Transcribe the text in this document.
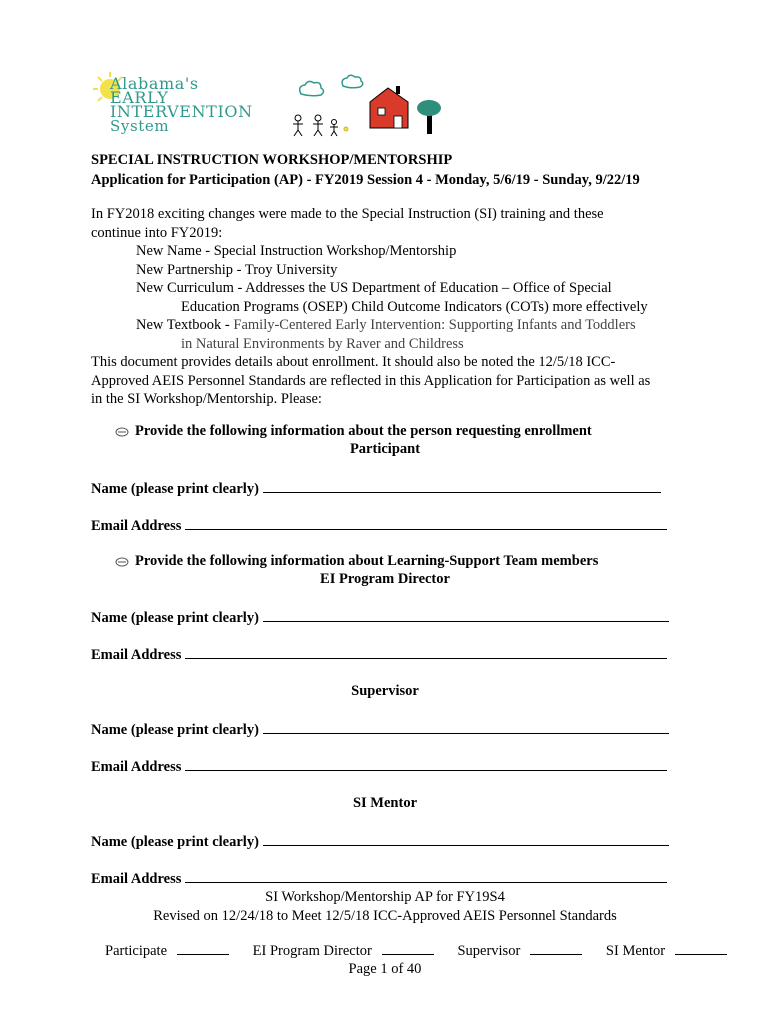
Alabama's
EARLY
INTERVENTION
System
SPECIAL INSTRUCTION WORKSHOP/MENTORSHIP
Application for Participation (AP) - FY2019 Session 4 - Monday, 5/6/19 - Sunday, 9/22/19
In FY2018 exciting changes were made to the Special Instruction (SI) training and these
continue into FY2019:
New Name - Special Instruction Workshop/Mentorship
New Partnership - Troy University
New Curriculum - Addresses the US Department of Education – Office of Special
Education Programs (OSEP) Child Outcome Indicators (COTs) more effectively
New Textbook - Family-Centered Early Intervention: Supporting Infants and Toddlers
in Natural Environments by Raver and Childress
This document provides details about enrollment. It should also be noted the 12/5/18 ICC-
Approved AEIS Personnel Standards are reflected in this Application for Participation as well as
in the SI Workshop/Mentorship. Please:
Provide the following information about the person requesting enrollment
Participant
Name (please print clearly)
Email Address
Provide the following information about Learning-Support Team members
EI Program Director
Name (please print clearly)
Email Address
Supervisor
Name (please print clearly)
Email Address
SI Mentor
Name (please print clearly)
Email Address
SI Workshop/Mentorship AP for FY19S4
Revised on 12/24/18 to Meet 12/5/18 ICC-Approved AEIS Personnel Standards
Participate	EI Program Director	Supervisor	SI Mentor
Page 1 of 40
